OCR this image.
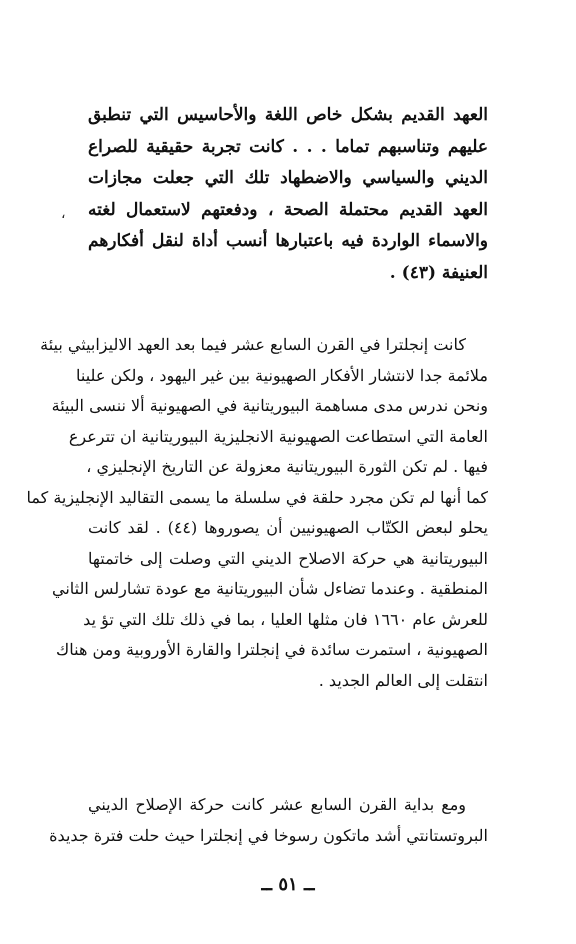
،
العهد القديم بشكل خاص اللغة والأحاسيس التي تنطبق
عليهم وتناسبهم تماما . . . كانت تجربة حقيقية للصراع
الديني والسياسي والاضطهاد تلك التي جعلت مجازات
العهد القديم محتملة الصحة ، ودفعتهم لاستعمال لغته
والاسماء الواردة فيه باعتبارها أنسب أداة لنقل أفكارهم
العنيفة (٤٣) .
كانت إنجلترا في القرن السابع عشر فيما بعد العهد الاليزابيثي بيئة
ملائمة جدا لانتشار الأفكار الصهيونية بين غير اليهود ، ولكن علينا
ونحن ندرس مدى مساهمة البيوريتانية في الصهيونية ألا ننسى البيئة
العامة التي استطاعت الصهيونية الانجليزية البيوريتانية ان تترعرع
فيها . لم تكن الثورة البيوريتانية معزولة عن التاريخ الإنجليزي ،
كما أنها لم تكن مجرد حلقة في سلسلة ما يسمى التقاليد الإنجليزية كما
يحلو لبعض الكتّاب الصهيونيين أن يصوروها (٤٤) . لقد كانت
البيوريتانية هي حركة الاصلاح الديني التي وصلت إلى خاتمتها
المنطقية . وعندما تضاءل شأن البيوريتانية مع عودة تشارلس الثاني
للعرش عام ١٦٦٠ فان مثلها العليا ، بما في ذلك تلك التي تؤ يد
الصهيونية ، استمرت سائدة في إنجلترا والقارة الأوروبية ومن هناك
انتقلت إلى العالم الجديد .
ومع بداية القرن السابع عشر كانت حركة الإصلاح الديني
البروتستانتي أشد ماتكون رسوخا في إنجلترا حيث حلت فترة جديدة
ــ ٥١ ــ
